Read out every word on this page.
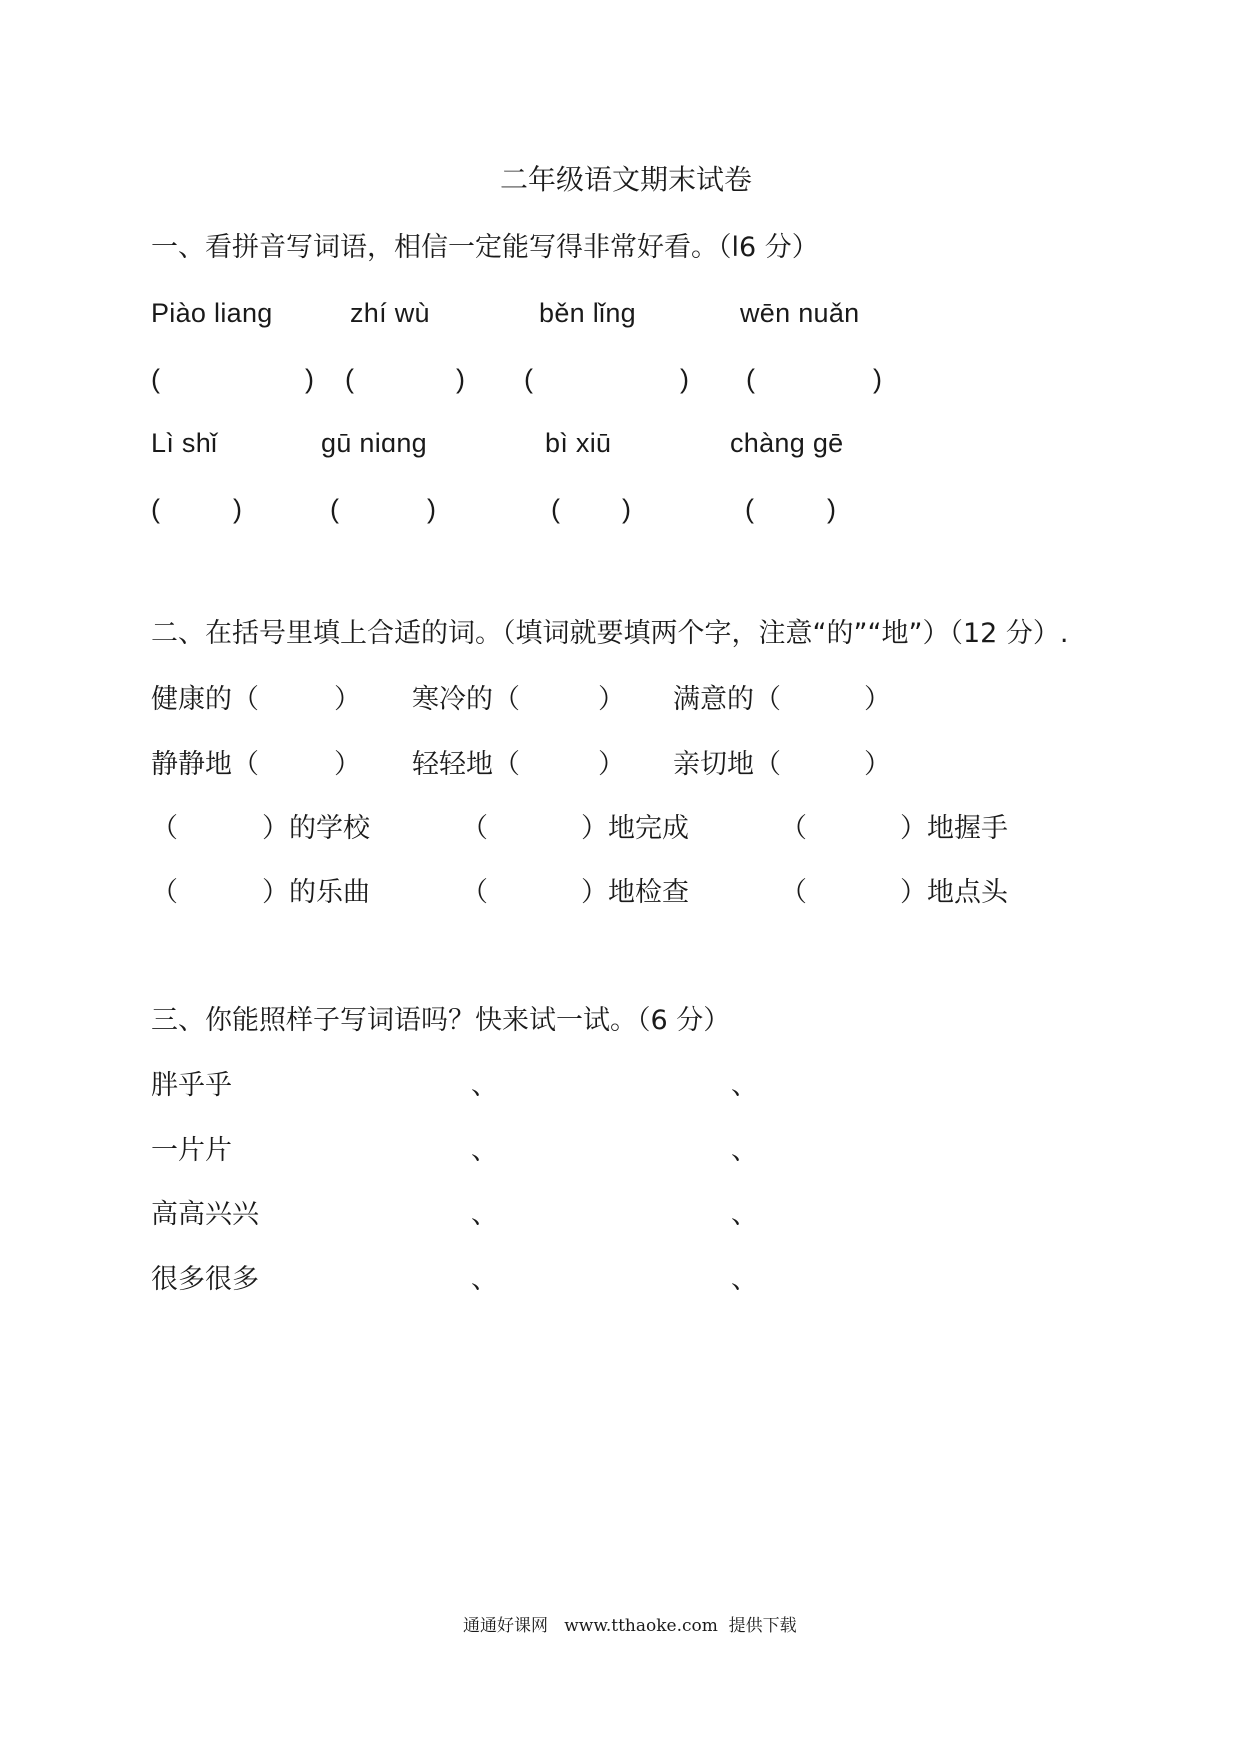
二年级语文期末试卷
一、看拼音写词语，相信一定能写得非常好看。（l6 分）
Piào liang	zhí wù	běn lǐng	wēn nuǎn
(	) (	) (	) (	)
Lì shǐ	gū niɑng	bì xiū	chàng gē
(	)	(	)	( )	(	)
二、在括号里填上合适的词。（填词就要填两个字，注意“的”“地”）（12 分）.
健康的（	） 寒冷的（	） 满意的（	）
静静地（	） 轻轻地（	） 亲切地（	）
（	）的学校	（	）地完成	（	）地握手
（	）的乐曲	（	）地检查	（	）地点头
三、你能照样子写词语吗？快来试一试。（6 分）
胖乎乎	、	、
一片片	、	、
高高兴兴	、	、
很多很多	、	、
通通好课网   www.tthaoke.com  提供下载
